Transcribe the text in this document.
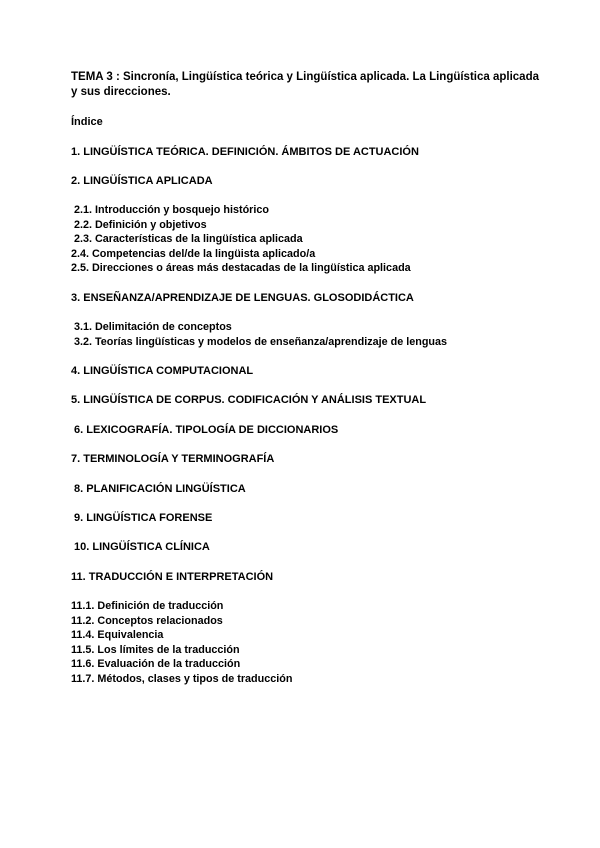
TEMA 3 : Sincronía, Lingüística teórica y Lingüística aplicada. La Lingüística aplicada y sus direcciones.

Índice

1. LINGÜÍSTICA TEÓRICA. DEFINICIÓN. ÁMBITOS DE ACTUACIÓN

2. LINGÜÍSTICA APLICADA

2.1. Introducción y bosquejo histórico

2.2. Definición y objetivos

2.3. Características de la lingüística aplicada

2.4. Competencias del/de la lingüista aplicado/a

2.5. Direcciones o áreas más destacadas de la lingüística aplicada

3. ENSEÑANZA/APRENDIZAJE DE LENGUAS. GLOSODIDÁCTICA

3.1. Delimitación de conceptos

3.2. Teorías lingüísticas y modelos de enseñanza/aprendizaje de lenguas

4. LINGÜÍSTICA COMPUTACIONAL

5. LINGÜÍSTICA DE CORPUS. CODIFICACIÓN Y ANÁLISIS TEXTUAL

6. LEXICOGRAFÍA. TIPOLOGÍA DE DICCIONARIOS

7. TERMINOLOGÍA Y TERMINOGRAFÍA

8. PLANIFICACIÓN LINGÜÍSTICA

9. LINGÜÍSTICA FORENSE

10. LINGÜÍSTICA CLÍNICA

11. TRADUCCIÓN E INTERPRETACIÓN

11.1. Definición de traducción

11.2. Conceptos relacionados

11.4. Equivalencia

11.5. Los límites de la traducción

11.6. Evaluación de la traducción

11.7. Métodos, clases y tipos de traducción
